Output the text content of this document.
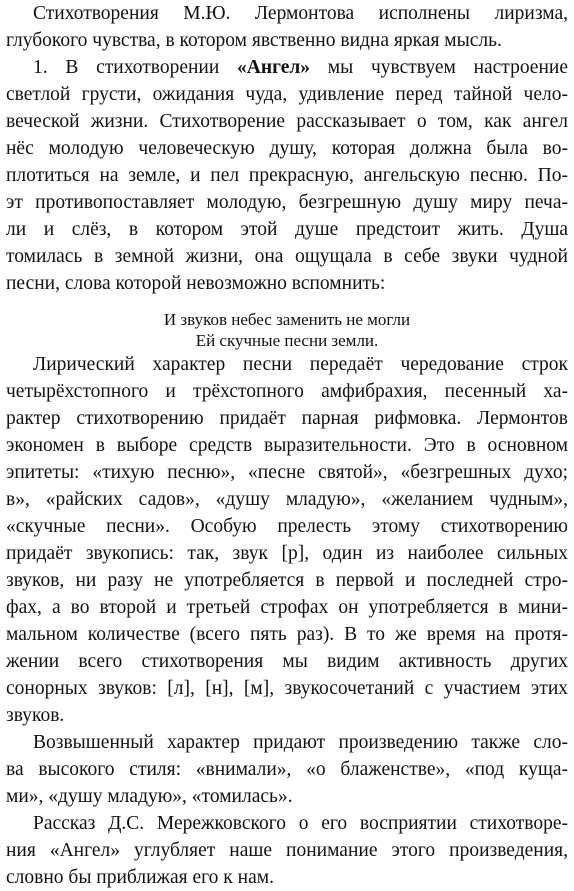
Стихотворения М.Ю. Лермонтова исполнены лиризма,
глубокого чувства, в котором явственно видна яркая мысль.
1. В стихотворении «Ангел» мы чувствуем настроение
светлой грусти, ожидания чуда, удивление перед тайной чело-
веческой жизни. Стихотворение рассказывает о том, как ангел
нёс молодую человеческую душу, которая должна была во-
плотиться на земле, и пел прекрасную, ангельскую песню. По-
эт противопоставляет молодую, безгрешную душу миру печа-
ли и слёз, в котором этой душе предстоит жить. Душа
томилась в земной жизни, она ощущала в себе звуки чудной
песни, слова которой невозможно вспомнить:
И звуков небес заменить не могли
Ей скучные песни земли.
Лирический характер песни передаёт чередование строк
четырёхстопного и трёхстопного амфибрахия, песенный ха-
рактер стихотворению придаёт парная рифмовка. Лермонтов
экономен в выборе средств выразительности. Это в основном
эпитеты: «тихую песню», «песне святой», «безгрешных духо;
в», «райских садов», «душу младую», «желанием чудным»,
«скучные песни». Особую прелесть этому стихотворению
придаёт звукопись: так, звук [р], один из наиболее сильных
звуков, ни разу не употребляется в первой и последней стро-
фах, а во второй и третьей строфах он употребляется в мини-
мальном количестве (всего пять раз). В то же время на протя-
жении всего стихотворения мы видим активность других
сонорных звуков: [л], [н], [м], звукосочетаний с участием этих
звуков.
Возвышенный характер придают произведению также сло-
ва высокого стиля: «внимали», «о блаженстве», «под куща-
ми», «душу младую», «томилась».
Рассказ Д.С. Мережковского о его восприятии стихотворе-
ния «Ангел» углубляет наше понимание этого произведения,
словно бы приближая его к нам.
